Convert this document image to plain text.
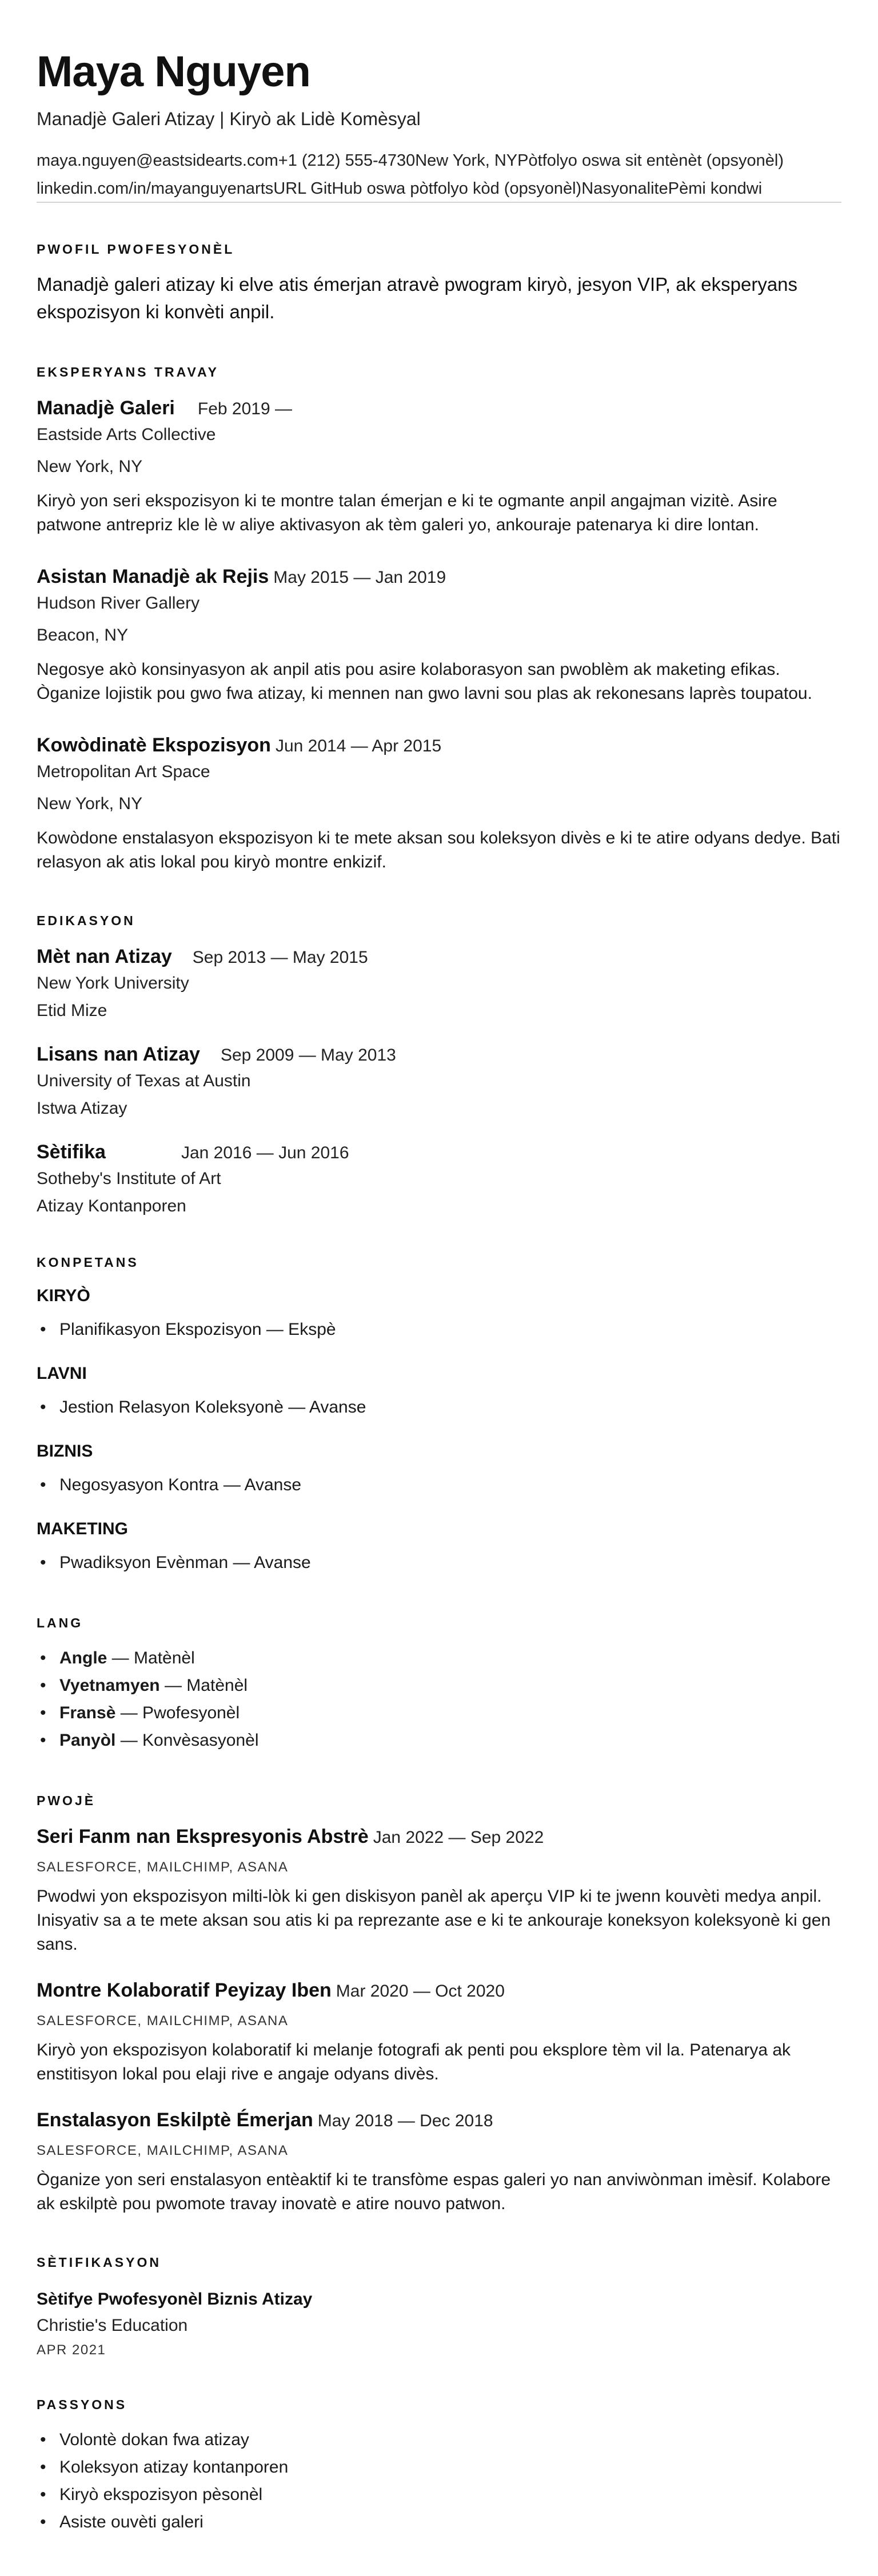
Maya Nguyen
Manadjè Galeri Atizay | Kiryò ak Lidè Komèsyal
maya.nguyen@eastsidearts.com +1 (212) 555-4730 New York, NY Pòtfolyo oswa sit entènèt (opsyonèl)
linkedin.com/in/mayanguyenarts URL GitHub oswa pòtfolyo kòd (opsyonèl) Nasyonalite Pèmi kondwi
PWOFIL PWOFESYONÈL

Manadjè galeri atizay ki elve atis émerjan atravè pwogram kiryò, jesyon VIP, ak eksperyans ekspozisyon ki konvèti anpil.

EKSPERYANS TRAVAY
Manadjè Galeri Feb 2019 —
Eastside Arts Collective
New York, NY

Kiryò yon seri ekspozisyon ki te montre talan émerjan e ki te ogmante anpil angajman vizitè. Asire patwone antrepriz kle lè w aliye aktivasyon ak tèm galeri yo, ankouraje patenarya ki dire lontan.

Asistan Manadjè ak Rejis May 2015 — Jan 2019
Hudson River Gallery
Beacon, NY

Negosye akò konsinyasyon ak anpil atis pou asire kolaborasyon san pwoblèm ak maketing efikas. Òganize lojistik pou gwo fwa atizay, ki mennen nan gwo lavni sou plas ak rekonesans laprès toupatou.

Kowòdinatè Ekspozisyon Jun 2014 — Apr 2015
Metropolitan Art Space
New York, NY

Kowòdone enstalasyon ekspozisyon ki te mete aksan sou koleksyon divès e ki te atire odyans dedye. Bati relasyon ak atis lokal pou kiryò montre enkizif.

EDIKASYON
Mèt nan Atizay Sep 2013 — May 2015
New York University
Etid Mize
Lisans nan Atizay Sep 2009 — May 2013
University of Texas at Austin
Istwa Atizay
Sètifika	Jan 2016 — Jun 2016
Sotheby's Institute of Art
Atizay Kontanporen
KONPETANS
KIRYÒ
• Planifikasyon Ekspozisyon — Ekspè
LAVNI
• Jestion Relasyon Koleksyonè — Avanse
BIZNIS
• Negosyasyon Kontra — Avanse
MAKETING
• Pwadiksyon Evènman — Avanse
LANG
• Angle — Matènèl
• Vyetnamyen — Matènèl
• Fransè — Pwofesyonèl
• Panyòl — Konvèsasyonèl
PWOJÈ
Seri Fanm nan Ekspresyonis Abstrè Jan 2022 — Sep 2022
SALESFORCE, MAILCHIMP, ASANA

Pwodwi yon ekspozisyon milti-lòk ki gen diskisyon panèl ak aperçu VIP ki te jwenn kouvèti medya anpil. Inisyativ sa a te mete aksan sou atis ki pa reprezante ase e ki te ankouraje koneksyon koleksyonè ki gen sans.

Montre Kolaboratif Peyizay Iben Mar 2020 — Oct 2020
SALESFORCE, MAILCHIMP, ASANA

Kiryò yon ekspozisyon kolaboratif ki melanje fotografi ak penti pou eksplore tèm vil la. Patenarya ak enstitisyon lokal pou elaji rive e angaje odyans divès.

Enstalasyon Eskilptè Émerjan May 2018 — Dec 2018
SALESFORCE, MAILCHIMP, ASANA

Òganize yon seri enstalasyon entèaktif ki te transfòme espas galeri yo nan anviwònman imèsif. Kolabore ak eskilptè pou pwomote travay inovatè e atire nouvo patwon.

SÈTIFIKASYON
Sètifye Pwofesyonèl Biznis Atizay
Christie's Education
APR 2021
PASSYONS
• Volontè dokan fwa atizay
• Koleksyon atizay kontanporen
• Kiryò ekspozisyon pèsonèl
• Asiste ouvèti galeri
